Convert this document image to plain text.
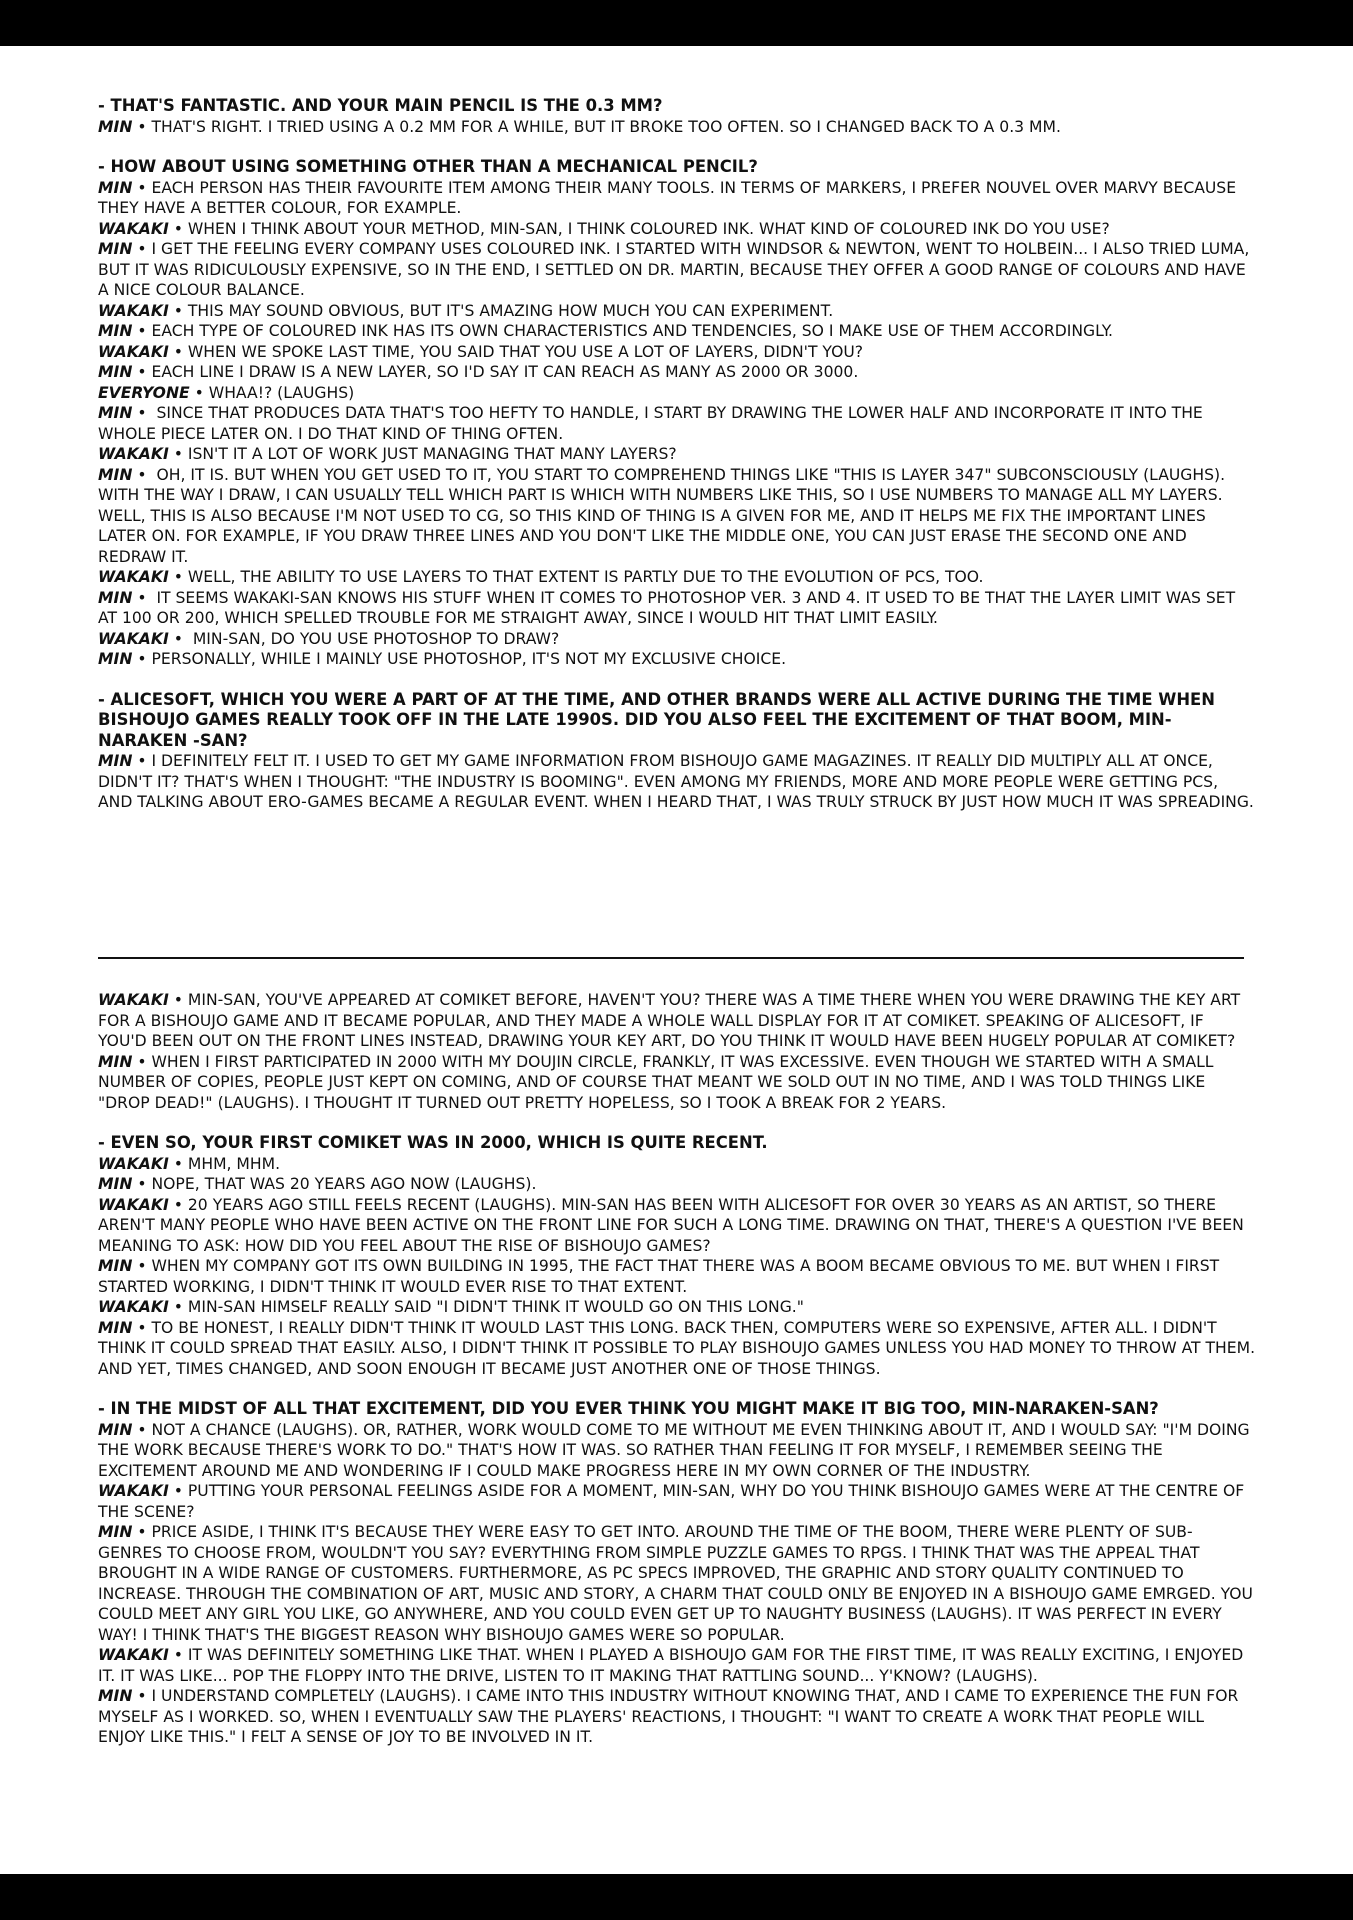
- THAT'S FANTASTIC. AND YOUR MAIN PENCIL IS THE 0.3 MM?
MIN • THAT'S RIGHT. I TRIED USING A 0.2 MM FOR A WHILE, BUT IT BROKE TOO OFTEN. SO I CHANGED BACK TO A 0.3 MM.
- HOW ABOUT USING SOMETHING OTHER THAN A MECHANICAL PENCIL?
MIN • EACH PERSON HAS THEIR FAVOURITE ITEM AMONG THEIR MANY TOOLS. IN TERMS OF MARKERS, I PREFER NOUVEL OVER MARVY BECAUSE THEY HAVE A BETTER COLOUR, FOR EXAMPLE.
WAKAKI • WHEN I THINK ABOUT YOUR METHOD, MIN-SAN, I THINK COLOURED INK. WHAT KIND OF COLOURED INK DO YOU USE?
MIN • I GET THE FEELING EVERY COMPANY USES COLOURED INK. I STARTED WITH WINDSOR & NEWTON, WENT TO HOLBEIN... I ALSO TRIED LUMA, BUT IT WAS RIDICULOUSLY EXPENSIVE, SO IN THE END, I SETTLED ON DR. MARTIN, BECAUSE THEY OFFER A GOOD RANGE OF COLOURS AND HAVE A NICE COLOUR BALANCE.
WAKAKI • THIS MAY SOUND OBVIOUS, BUT IT'S AMAZING HOW MUCH YOU CAN EXPERIMENT.
MIN • EACH TYPE OF COLOURED INK HAS ITS OWN CHARACTERISTICS AND TENDENCIES, SO I MAKE USE OF THEM ACCORDINGLY.
WAKAKI • WHEN WE SPOKE LAST TIME, YOU SAID THAT YOU USE A LOT OF LAYERS, DIDN'T YOU?
MIN • EACH LINE I DRAW IS A NEW LAYER, SO I'D SAY IT CAN REACH AS MANY AS 2000 OR 3000.
EVERYONE • WHAA!? (LAUGHS)
MIN •  SINCE THAT PRODUCES DATA THAT'S TOO HEFTY TO HANDLE, I START BY DRAWING THE LOWER HALF AND INCORPORATE IT INTO THE WHOLE PIECE LATER ON. I DO THAT KIND OF THING OFTEN.
WAKAKI • ISN'T IT A LOT OF WORK JUST MANAGING THAT MANY LAYERS?
MIN •  OH, IT IS. BUT WHEN YOU GET USED TO IT, YOU START TO COMPREHEND THINGS LIKE "THIS IS LAYER 347" SUBCONSCIOUSLY (LAUGHS). WITH THE WAY I DRAW, I CAN USUALLY TELL WHICH PART IS WHICH WITH NUMBERS LIKE THIS, SO I USE NUMBERS TO MANAGE ALL MY LAYERS. WELL, THIS IS ALSO BECAUSE I'M NOT USED TO CG, SO THIS KIND OF THING IS A GIVEN FOR ME, AND IT HELPS ME FIX THE IMPORTANT LINES LATER ON. FOR EXAMPLE, IF YOU DRAW THREE LINES AND YOU DON'T LIKE THE MIDDLE ONE, YOU CAN JUST ERASE THE SECOND ONE AND REDRAW IT.
WAKAKI • WELL, THE ABILITY TO USE LAYERS TO THAT EXTENT IS PARTLY DUE TO THE EVOLUTION OF PCS, TOO.
MIN •  IT SEEMS WAKAKI-SAN KNOWS HIS STUFF WHEN IT COMES TO PHOTOSHOP VER. 3 AND 4. IT USED TO BE THAT THE LAYER LIMIT WAS SET AT 100 OR 200, WHICH SPELLED TROUBLE FOR ME STRAIGHT AWAY, SINCE I WOULD HIT THAT LIMIT EASILY.
WAKAKI •  MIN-SAN, DO YOU USE PHOTOSHOP TO DRAW?
MIN • PERSONALLY, WHILE I MAINLY USE PHOTOSHOP, IT'S NOT MY EXCLUSIVE CHOICE.
- ALICESOFT, WHICH YOU WERE A PART OF AT THE TIME, AND OTHER BRANDS WERE ALL ACTIVE DURING THE TIME WHEN BISHOUJO GAMES REALLY TOOK OFF IN THE LATE 1990S. DID YOU ALSO FEEL THE EXCITEMENT OF THAT BOOM, MIN-NARAKEN -SAN?
MIN • I DEFINITELY FELT IT. I USED TO GET MY GAME INFORMATION FROM BISHOUJO GAME MAGAZINES. IT REALLY DID MULTIPLY ALL AT ONCE, DIDN'T IT? THAT'S WHEN I THOUGHT: "THE INDUSTRY IS BOOMING". EVEN AMONG MY FRIENDS, MORE AND MORE PEOPLE WERE GETTING PCS, AND TALKING ABOUT ERO-GAMES BECAME A REGULAR EVENT. WHEN I HEARD THAT, I WAS TRULY STRUCK BY JUST HOW MUCH IT WAS SPREADING.
WAKAKI • MIN-SAN, YOU'VE APPEARED AT COMIKET BEFORE, HAVEN'T YOU? THERE WAS A TIME THERE WHEN YOU WERE DRAWING THE KEY ART FOR A BISHOUJO GAME AND IT BECAME POPULAR, AND THEY MADE A WHOLE WALL DISPLAY FOR IT AT COMIKET. SPEAKING OF ALICESOFT, IF YOU'D BEEN OUT ON THE FRONT LINES INSTEAD, DRAWING YOUR KEY ART, DO YOU THINK IT WOULD HAVE BEEN HUGELY POPULAR AT COMIKET?
MIN • WHEN I FIRST PARTICIPATED IN 2000 WITH MY DOUJIN CIRCLE, FRANKLY, IT WAS EXCESSIVE. EVEN THOUGH WE STARTED WITH A SMALL NUMBER OF COPIES, PEOPLE JUST KEPT ON COMING, AND OF COURSE THAT MEANT WE SOLD OUT IN NO TIME, AND I WAS TOLD THINGS LIKE "DROP DEAD!" (LAUGHS). I THOUGHT IT TURNED OUT PRETTY HOPELESS, SO I TOOK A BREAK FOR 2 YEARS.
- EVEN SO, YOUR FIRST COMIKET WAS IN 2000, WHICH IS QUITE RECENT.
WAKAKI • MHM, MHM.
MIN • NOPE, THAT WAS 20 YEARS AGO NOW (LAUGHS).
WAKAKI • 20 YEARS AGO STILL FEELS RECENT (LAUGHS). MIN-SAN HAS BEEN WITH ALICESOFT FOR OVER 30 YEARS AS AN ARTIST, SO THERE AREN'T MANY PEOPLE WHO HAVE BEEN ACTIVE ON THE FRONT LINE FOR SUCH A LONG TIME. DRAWING ON THAT, THERE'S A QUESTION I'VE BEEN MEANING TO ASK: HOW DID YOU FEEL ABOUT THE RISE OF BISHOUJO GAMES?
MIN • WHEN MY COMPANY GOT ITS OWN BUILDING IN 1995, THE FACT THAT THERE WAS A BOOM BECAME OBVIOUS TO ME. BUT WHEN I FIRST STARTED WORKING, I DIDN'T THINK IT WOULD EVER RISE TO THAT EXTENT.
WAKAKI • MIN-SAN HIMSELF REALLY SAID "I DIDN'T THINK IT WOULD GO ON THIS LONG."
MIN • TO BE HONEST, I REALLY DIDN'T THINK IT WOULD LAST THIS LONG. BACK THEN, COMPUTERS WERE SO EXPENSIVE, AFTER ALL. I DIDN'T THINK IT COULD SPREAD THAT EASILY. ALSO, I DIDN'T THINK IT POSSIBLE TO PLAY BISHOUJO GAMES UNLESS YOU HAD MONEY TO THROW AT THEM. AND YET, TIMES CHANGED, AND SOON ENOUGH IT BECAME JUST ANOTHER ONE OF THOSE THINGS.
- IN THE MIDST OF ALL THAT EXCITEMENT, DID YOU EVER THINK YOU MIGHT MAKE IT BIG TOO, MIN-NARAKEN-SAN?
MIN • NOT A CHANCE (LAUGHS). OR, RATHER, WORK WOULD COME TO ME WITHOUT ME EVEN THINKING ABOUT IT, AND I WOULD SAY: "I'M DOING THE WORK BECAUSE THERE'S WORK TO DO." THAT'S HOW IT WAS. SO RATHER THAN FEELING IT FOR MYSELF, I REMEMBER SEEING THE EXCITEMENT AROUND ME AND WONDERING IF I COULD MAKE PROGRESS HERE IN MY OWN CORNER OF THE INDUSTRY.
WAKAKI • PUTTING YOUR PERSONAL FEELINGS ASIDE FOR A MOMENT, MIN-SAN, WHY DO YOU THINK BISHOUJO GAMES WERE AT THE CENTRE OF THE SCENE?
MIN • PRICE ASIDE, I THINK IT'S BECAUSE THEY WERE EASY TO GET INTO. AROUND THE TIME OF THE BOOM, THERE WERE PLENTY OF SUB-GENRES TO CHOOSE FROM, WOULDN'T YOU SAY? EVERYTHING FROM SIMPLE PUZZLE GAMES TO RPGS. I THINK THAT WAS THE APPEAL THAT BROUGHT IN A WIDE RANGE OF CUSTOMERS. FURTHERMORE, AS PC SPECS IMPROVED, THE GRAPHIC AND STORY QUALITY CONTINUED TO INCREASE. THROUGH THE COMBINATION OF ART, MUSIC AND STORY, A CHARM THAT COULD ONLY BE ENJOYED IN A BISHOUJO GAME EMRGED. YOU COULD MEET ANY GIRL YOU LIKE, GO ANYWHERE, AND YOU COULD EVEN GET UP TO NAUGHTY BUSINESS (LAUGHS). IT WAS PERFECT IN EVERY WAY! I THINK THAT'S THE BIGGEST REASON WHY BISHOUJO GAMES WERE SO POPULAR.
WAKAKI • IT WAS DEFINITELY SOMETHING LIKE THAT. WHEN I PLAYED A BISHOUJO GAM FOR THE FIRST TIME, IT WAS REALLY EXCITING, I ENJOYED IT. IT WAS LIKE... POP THE FLOPPY INTO THE DRIVE, LISTEN TO IT MAKING THAT RATTLING SOUND... Y'KNOW? (LAUGHS).
MIN • I UNDERSTAND COMPLETELY (LAUGHS). I CAME INTO THIS INDUSTRY WITHOUT KNOWING THAT, AND I CAME TO EXPERIENCE THE FUN FOR MYSELF AS I WORKED. SO, WHEN I EVENTUALLY SAW THE PLAYERS' REACTIONS, I THOUGHT: "I WANT TO CREATE A WORK THAT PEOPLE WILL ENJOY LIKE THIS." I FELT A SENSE OF JOY TO BE INVOLVED IN IT.
